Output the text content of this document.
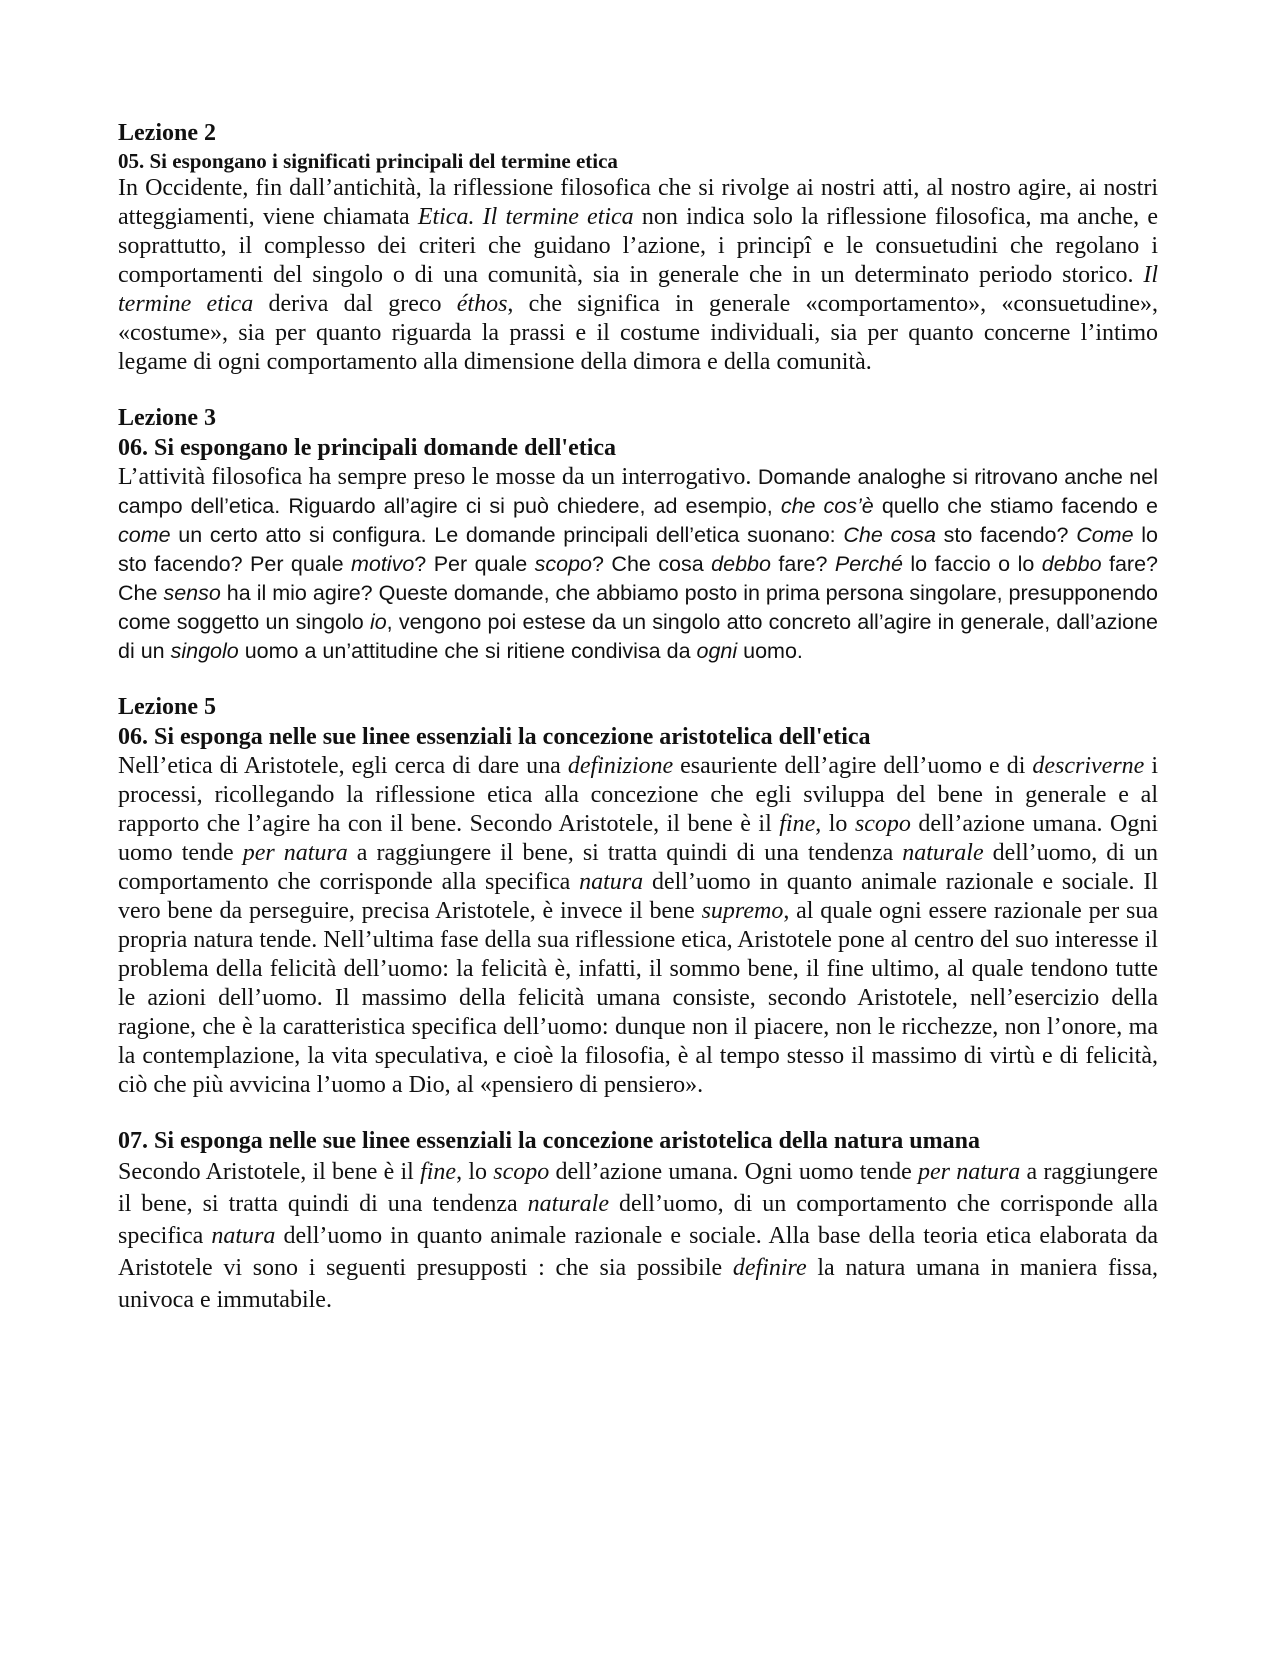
Lezione 2

05. Si espongano i significati principali del termine etica

In Occidente, fin dall’antichità, la riflessione filosofica che si rivolge ai nostri atti, al nostro agire, ai nostri atteggiamenti, viene chiamata Etica. Il termine etica non indica solo la riflessione filosofica, ma anche, e soprattutto, il complesso dei criteri che guidano l’azione, i principî e le consuetudini che regolano i comportamenti del singolo o di una comunità, sia in generale che in un determinato periodo storico. Il termine etica deriva dal greco éthos, che significa in generale «comportamento», «consuetudine», «costume», sia per quanto riguarda la prassi e il costume individuali, sia per quanto concerne l’intimo legame di ogni comportamento alla dimensione della dimora e della comunità.

Lezione 3

06. Si espongano le principali domande dell'etica

L’attività filosofica ha sempre preso le mosse da un interrogativo. Domande analoghe si ritrovano anche nel campo dell’etica. Riguardo all’agire ci si può chiedere, ad esempio, che cos’è quello che stiamo facendo e come un certo atto si configura. Le domande principali dell’etica suonano: Che cosa sto facendo? Come lo sto facendo? Per quale motivo? Per quale scopo? Che cosa debbo fare? Perché lo faccio o lo debbo fare? Che senso ha il mio agire? Queste domande, che abbiamo posto in prima persona singolare, presupponendo come soggetto un singolo io, vengono poi estese da un singolo atto concreto all’agire in generale, dall’azione di un singolo uomo a un’attitudine che si ritiene condivisa da ogni uomo.

Lezione 5

06. Si esponga nelle sue linee essenziali la concezione aristotelica dell'etica

Nell’etica di Aristotele, egli cerca di dare una definizione esauriente dell’agire dell’uomo e di descriverne i processi, ricollegando la riflessione etica alla concezione che egli sviluppa del bene in generale e al rapporto che l’agire ha con il bene. Secondo Aristotele, il bene è il fine, lo scopo dell’azione umana. Ogni uomo tende per natura a raggiungere il bene, si tratta quindi di una tendenza naturale dell’uomo, di un comportamento che corrisponde alla specifica natura dell’uomo in quanto animale razionale e sociale. Il vero bene da perseguire, precisa Aristotele, è invece il bene supremo, al quale ogni essere razionale per sua propria natura tende. Nell’ultima fase della sua riflessione etica, Aristotele pone al centro del suo interesse il problema della felicità dell’uomo: la felicità è, infatti, il sommo bene, il fine ultimo, al quale tendono tutte le azioni dell’uomo. Il massimo della felicità umana consiste, secondo Aristotele, nell’esercizio della ragione, che è la caratteristica specifica dell’uomo: dunque non il piacere, non le ricchezze, non l’onore, ma la contemplazione, la vita speculativa, e cioè la filosofia, è al tempo stesso il massimo di virtù e di felicità, ciò che più avvicina l’uomo a Dio, al «pensiero di pensiero».

07. Si esponga nelle sue linee essenziali la concezione aristotelica della natura umana

Secondo Aristotele, il bene è il fine, lo scopo dell’azione umana. Ogni uomo tende per natura a raggiungere il bene, si tratta quindi di una tendenza naturale dell’uomo, di un comportamento che corrisponde alla specifica natura dell’uomo in quanto animale razionale e sociale. Alla base della teoria etica elaborata da Aristotele vi sono i seguenti presupposti : che sia possibile definire la natura umana in maniera fissa, univoca e immutabile.
